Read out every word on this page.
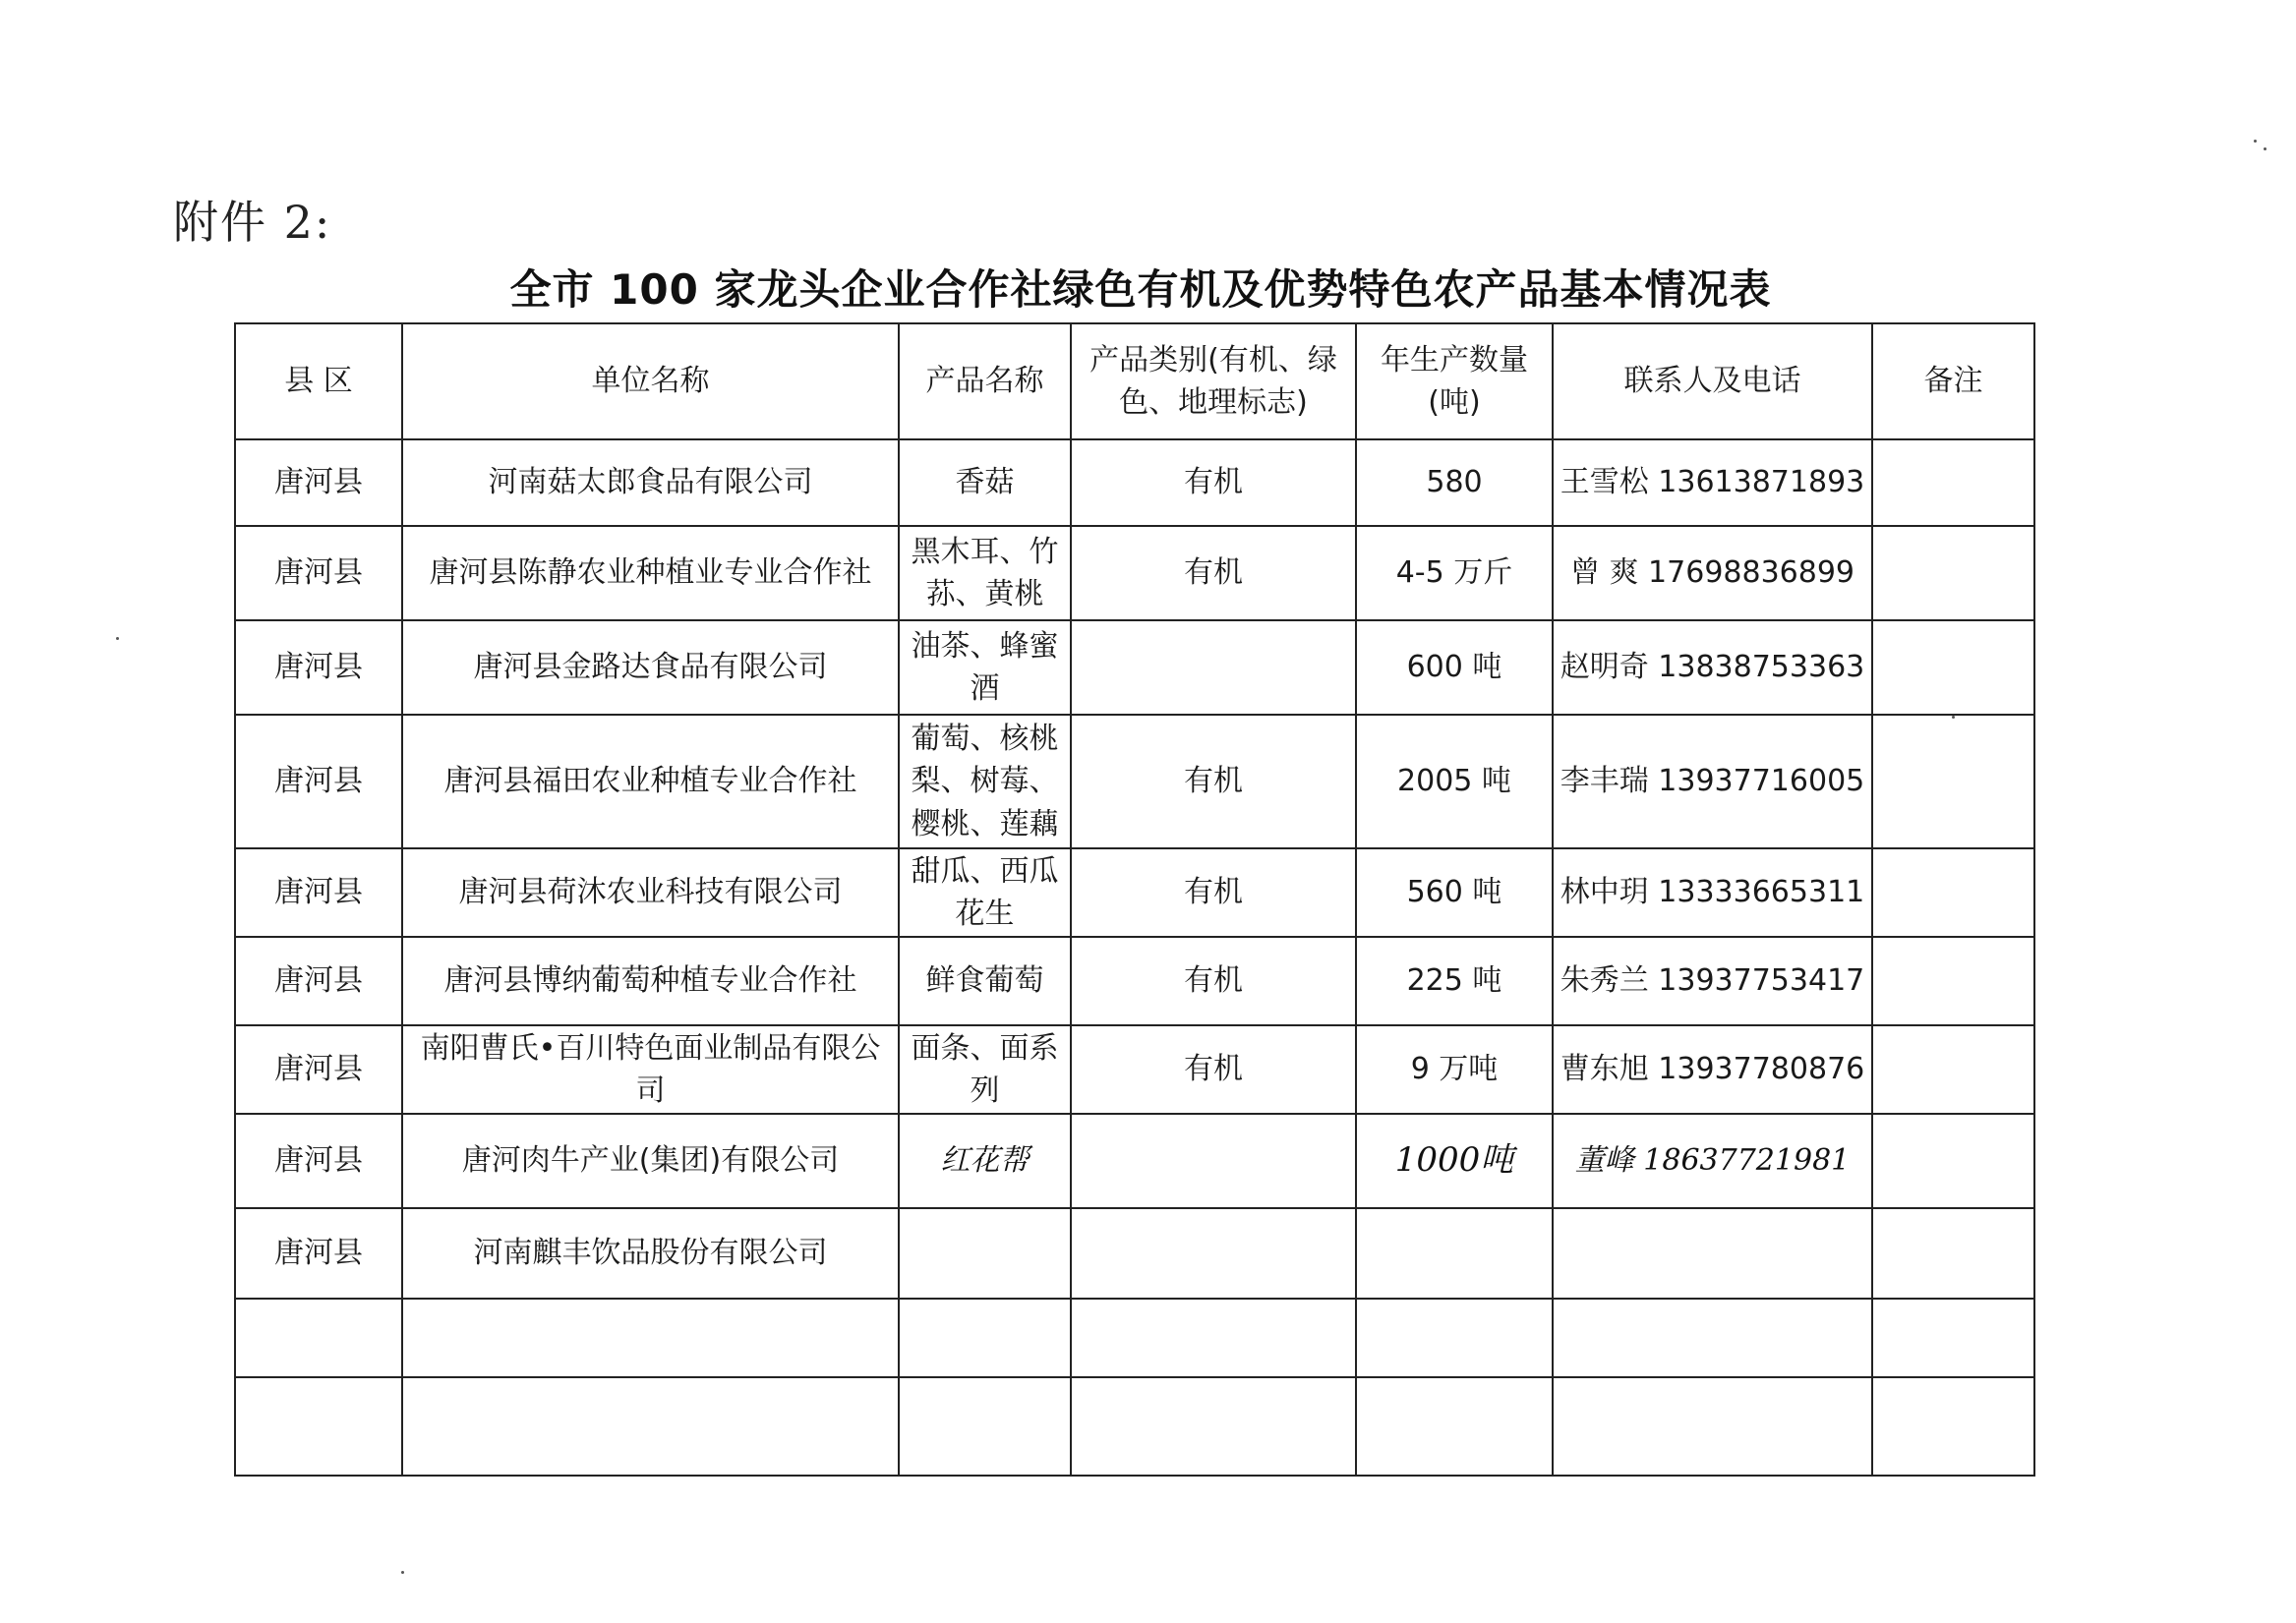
附件 2:
全市 100 家龙头企业合作社绿色有机及优势特色农产品基本情况表
县 区	单位名称	产品名称	产品类别(有机、绿色、地理标志)	年生产数量(吨)	联系人及电话	备注
唐河县	河南菇太郎食品有限公司	香菇	有机	580	王雪松 13613871893	
唐河县	唐河县陈静农业种植业专业合作社	黑木耳、竹荪、黄桃	有机	4-5 万斤	曾 爽 17698836899	
唐河县	唐河县金路达食品有限公司	油茶、蜂蜜酒		600 吨	赵明奇 13838753363	
唐河县	唐河县福田农业种植专业合作社	葡萄、核桃梨、树莓、樱桃、莲藕	有机	2005 吨	李丰瑞 13937716005	
唐河县	唐河县荷沐农业科技有限公司	甜瓜、西瓜花生	有机	560 吨	林中玥 13333665311	
唐河县	唐河县博纳葡萄种植专业合作社	鲜食葡萄	有机	225 吨	朱秀兰 13937753417	
唐河县	南阳曹氏•百川特色面业制品有限公司	面条、面系列	有机	9 万吨	曹东旭 13937780876	
唐河县	唐河肉牛产业(集团)有限公司	红花帮		1000吨	董峰 18637721981	
唐河县	河南麒丰饮品股份有限公司					
